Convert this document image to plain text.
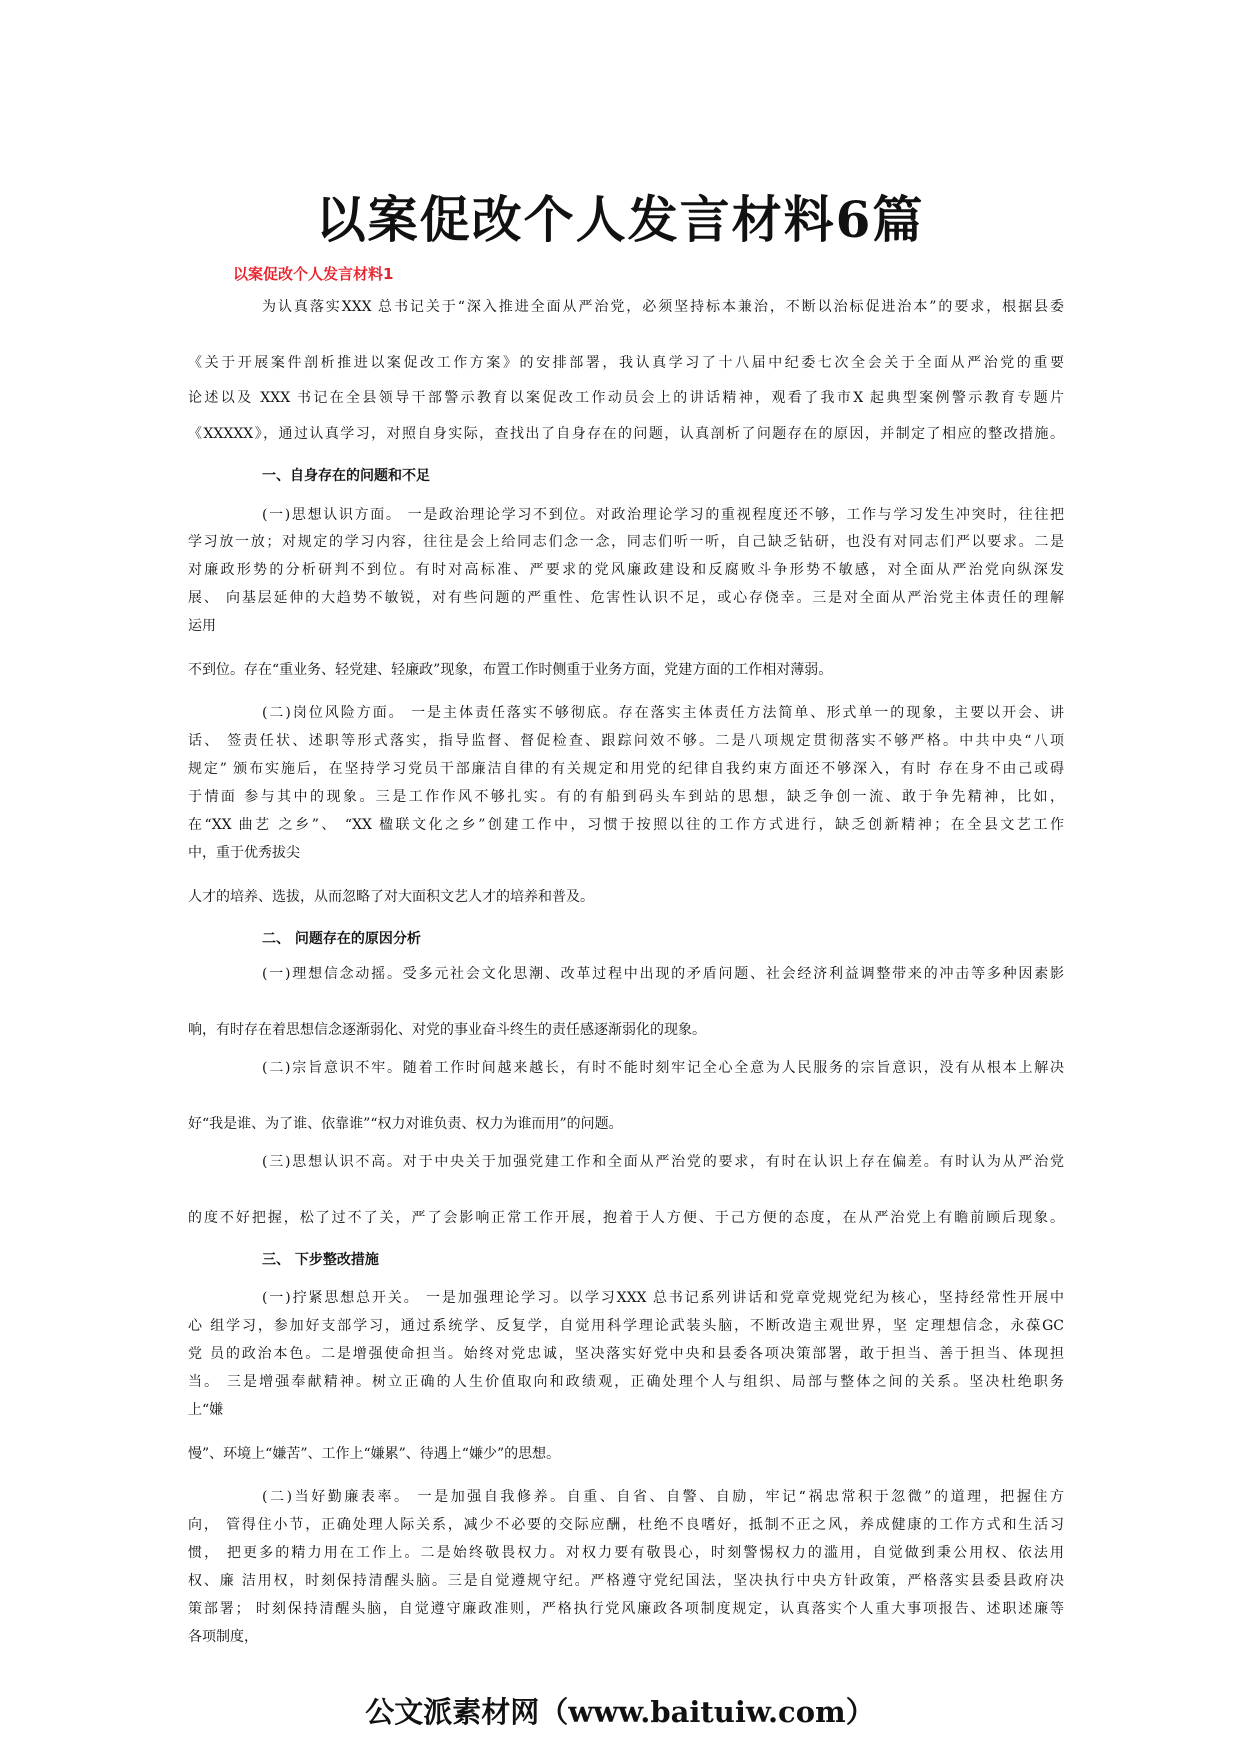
以案促改个人发言材料6篇

以案促改个人发言材料1

为认真落实XXX 总书记关于“深入推进全面从严治党，必须坚持标本兼治，不断以治标促进治本”的要求，根据县委

《关于开展案件剖析推进以案促改工作方案》的安排部署，我认真学习了十八届中纪委七次全会关于全面从严治党的重要

论述以及 XXX 书记在全县领导干部警示教育以案促改工作动员会上的讲话精神，观看了我市X 起典型案例警示教育专题片

《XXXXX》，通过认真学习，对照自身实际，查找出了自身存在的问题，认真剖析了问题存在的原因，并制定了相应的整改措施。

一、自身存在的问题和不足

(一)思想认识方面。 一是政治理论学习不到位。对政治理论学习的重视程度还不够，工作与学习发生冲突时，往往把

学习放一放；对规定的学习内容，往往是会上给同志们念一念，同志们听一听，自己缺乏钻研，也没有对同志们严以要求。二是

对廉政形势的分析研判不到位。有时对高标准、严要求的党风廉政建设和反腐败斗争形势不敏感，对全面从严治党向纵深发

展、 向基层延伸的大趋势不敏锐，对有些问题的严重性、危害性认识不足，或心存侥幸。三是对全面从严治党主体责任的理解

运用

不到位。存在“重业务、轻党建、轻廉政”现象，布置工作时侧重于业务方面，党建方面的工作相对薄弱。

(二)岗位风险方面。 一是主体责任落实不够彻底。存在落实主体责任方法简单、形式单一的现象，主要以开会、讲

话、 签责任状、述职等形式落实，指导监督、督促检查、跟踪问效不够。二是八项规定贯彻落实不够严格。中共中央“八项

规定” 颁布实施后，在坚持学习党员干部廉洁自律的有关规定和用党的纪律自我约束方面还不够深入，有时 存在身不由己或碍

于情面 参与其中的现象。三是工作作风不够扎实。有的有船到码头车到站的思想，缺乏争创一流、敢于争先精神，比如，

在“XX 曲艺 之乡”、 “XX 楹联文化之乡”创建工作中，习惯于按照以往的工作方式进行，缺乏创新精神；在全县文艺工作

中，重于优秀拔尖

人才的培养、选拔，从而忽略了对大面积文艺人才的培养和普及。

二、 问题存在的原因分析

(一)理想信念动摇。受多元社会文化思潮、改革过程中出现的矛盾问题、社会经济利益调整带来的冲击等多种因素影

响，有时存在着思想信念逐渐弱化、对党的事业奋斗终生的责任感逐渐弱化的现象。

(二)宗旨意识不牢。随着工作时间越来越长，有时不能时刻牢记全心全意为人民服务的宗旨意识，没有从根本上解决

好“我是谁、为了谁、依靠谁”“权力对谁负责、权力为谁而用”的问题。

(三)思想认识不高。对于中央关于加强党建工作和全面从严治党的要求，有时在认识上存在偏差。有时认为从严治党

的度不好把握，松了过不了关，严了会影响正常工作开展，抱着于人方便、于己方便的态度，在从严治党上有瞻前顾后现象。

三、 下步整改措施

(一)拧紧思想总开关。 一是加强理论学习。以学习XXX 总书记系列讲话和党章党规党纪为核心，坚持经常性开展中

心 组学习，参加好支部学习，通过系统学、反复学，自觉用科学理论武装头脑，不断改造主观世界，坚 定理想信念，永葆GC

党 员的政治本色。二是增强使命担当。始终对党忠诚，坚决落实好党中央和县委各项决策部署，敢于担当、善于担当、体现担

当。 三是增强奉献精神。树立正确的人生价值取向和政绩观，正确处理个人与组织、局部与整体之间的关系。坚决杜绝职务

上“嫌

慢”、环境上“嫌苦”、工作上“嫌累”、待遇上“嫌少”的思想。

(二)当好勤廉表率。 一是加强自我修养。自重、自省、自警、自励，牢记“祸忠常积于忽微”的道理，把握住方

向， 管得住小节，正确处理人际关系，减少不必要的交际应酬，杜绝不良嗜好，抵制不正之风，养成健康的工作方式和生活习

惯， 把更多的精力用在工作上。二是始终敬畏权力。对权力要有敬畏心，时刻警惕权力的滥用，自觉做到秉公用权、依法用

权、廉 洁用权，时刻保持清醒头脑。三是自觉遵规守纪。严格遵守党纪国法，坚决执行中央方针政策，严格落实县委县政府决

策部署； 时刻保持清醒头脑，自觉遵守廉政准则，严格执行党风廉政各项制度规定，认真落实个人重大事项报告、述职述廉等

各项制度，

公文派素材网（www.baituiw.com）
